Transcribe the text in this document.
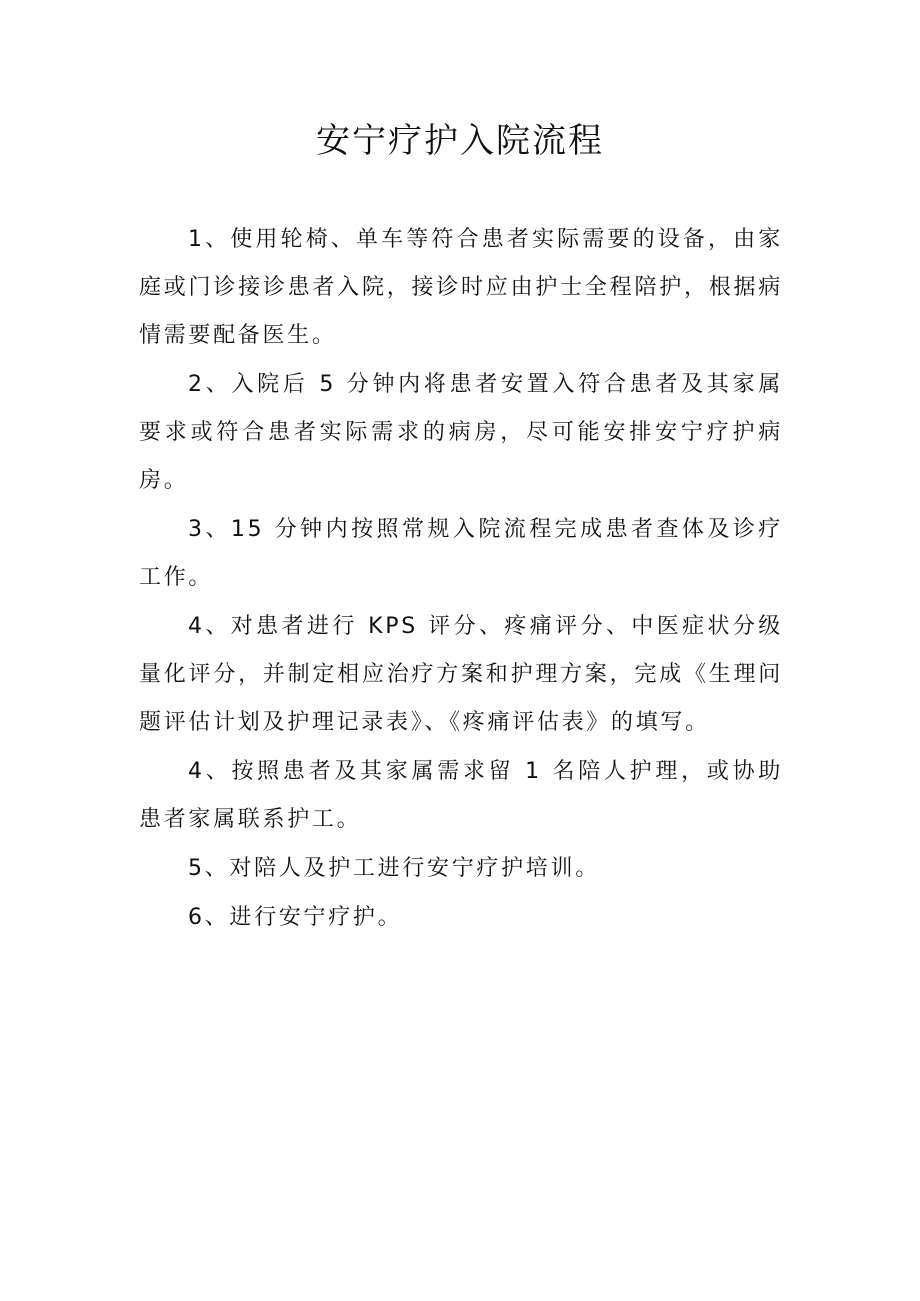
安宁疗护入院流程

1、使用轮椅、单车等符合患者实际需要的设备，由家庭或门诊接诊患者入院，接诊时应由护士全程陪护，根据病情需要配备医生。

2、入院后 5 分钟内将患者安置入符合患者及其家属要求或符合患者实际需求的病房，尽可能安排安宁疗护病房。

3、15 分钟内按照常规入院流程完成患者查体及诊疗工作。

4、对患者进行 KPS 评分、疼痛评分、中医症状分级量化评分，并制定相应治疗方案和护理方案，完成《生理问题评估计划及护理记录表》、《疼痛评估表》的填写。

4、按照患者及其家属需求留 1 名陪人护理，或协助患者家属联系护工。

5、对陪人及护工进行安宁疗护培训。

6、进行安宁疗护。
